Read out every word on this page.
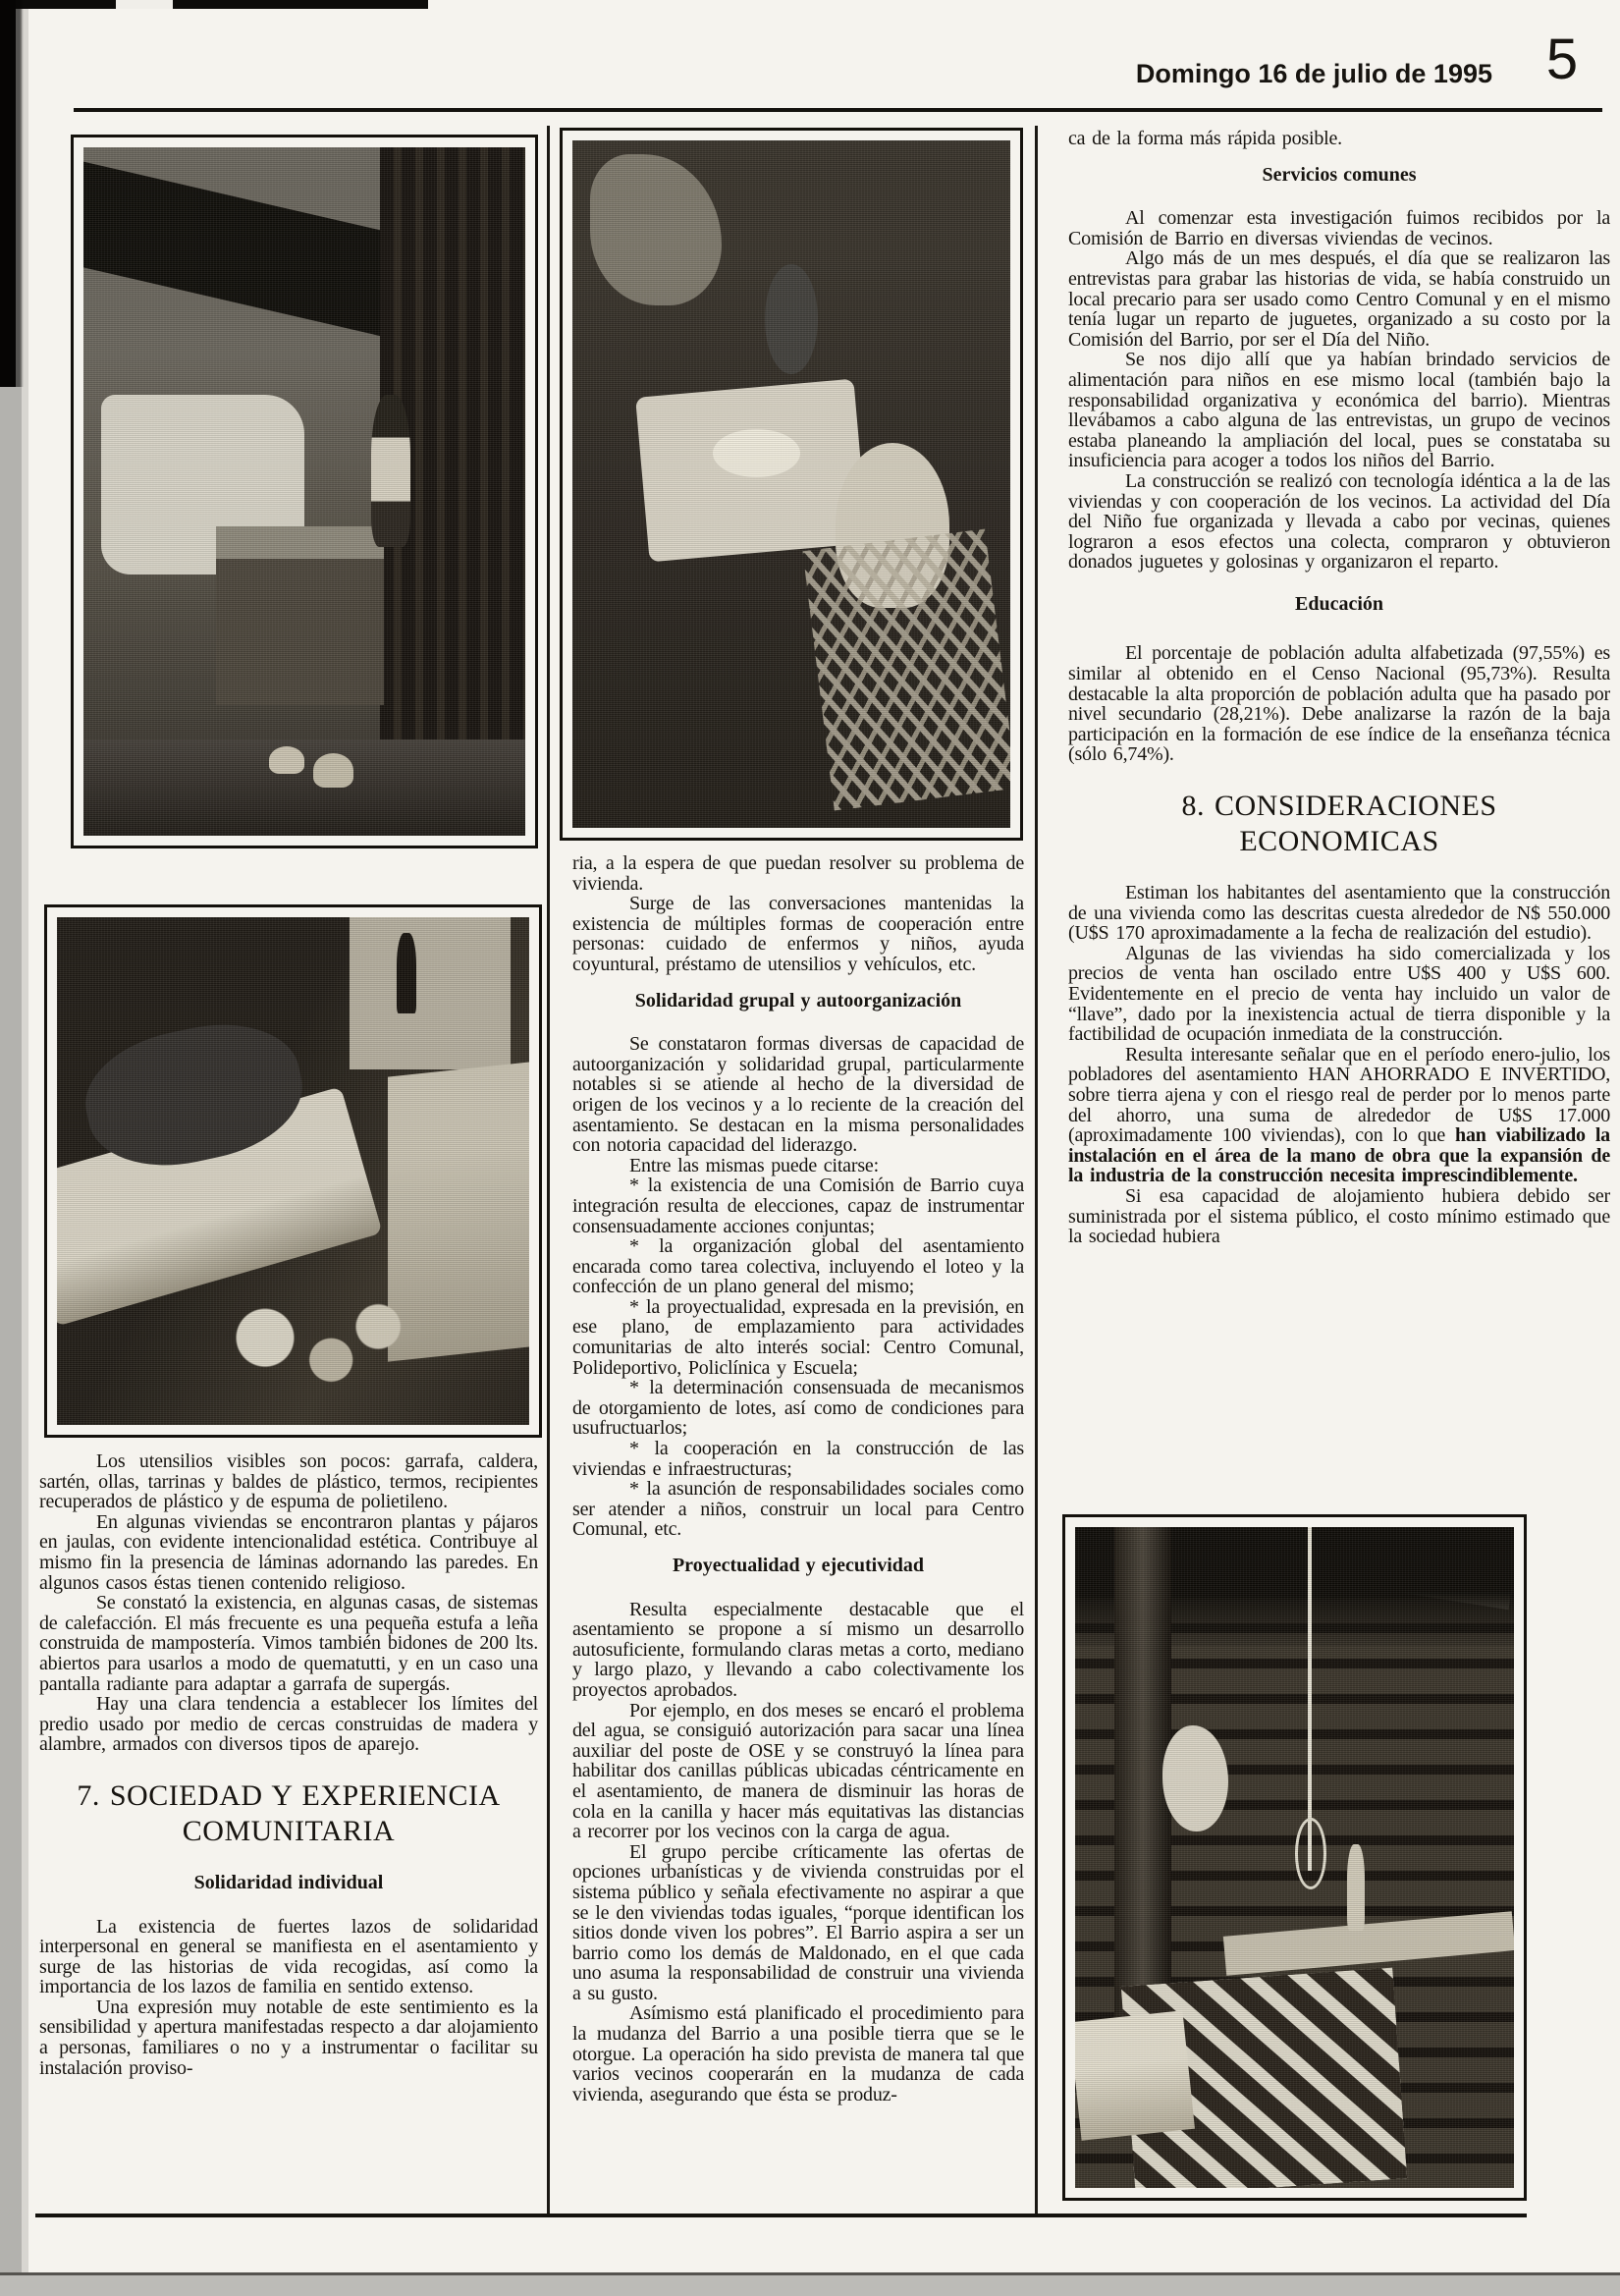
Domingo 16 de julio de 1995 5

Los utensilios visibles son pocos: garrafa, caldera, sartén, ollas, tarrinas y baldes de plástico, termos, recipientes recuperados de plástico y de espuma de polietileno.

En algunas viviendas se encontraron plantas y pájaros en jaulas, con evidente intencionalidad estética. Contribuye al mismo fin la presencia de láminas adornando las paredes. En algunos casos éstas tienen contenido religioso.

Se constató la existencia, en algunas casas, de sistemas de calefacción. El más frecuente es una pequeña estufa a leña construida de mampostería. Vimos también bidones de 200 lts. abiertos para usarlos a modo de quematutti, y en un caso una pantalla radiante para adaptar a garrafa de supergás.

Hay una clara tendencia a establecer los límites del predio usado por medio de cercas construidas de madera y alambre, armados con diversos tipos de aparejo.

7. SOCIEDAD Y EXPERIENCIA
COMUNITARIA
Solidaridad individual

La existencia de fuertes lazos de solidaridad interpersonal en general se manifiesta en el asentamiento y surge de las historias de vida recogidas, así como la importancia de los lazos de familia en sentido extenso.

Una expresión muy notable de este sentimiento es la sensibilidad y apertura manifestadas respecto a dar alojamiento a personas, familiares o no y a instrumentar o facilitar su instalación proviso-

ria, a la espera de que puedan resolver su problema de vivienda.

Surge de las conversaciones mantenidas la existencia de múltiples formas de cooperación entre personas: cuidado de enfermos y niños, ayuda coyuntural, préstamo de utensilios y vehículos, etc.

Solidaridad grupal y autoorganización

Se constataron formas diversas de capacidad de autoorganización y solidaridad grupal, particularmente notables si se atiende al hecho de la diversidad de origen de los vecinos y a lo reciente de la creación del asentamiento. Se destacan en la misma personalidades con notoria capacidad del liderazgo.

Entre las mismas puede citarse:

* la existencia de una Comisión de Barrio cuya integración resulta de elecciones, capaz de instrumentar consensuadamente acciones conjuntas;

* la organización global del asentamiento encarada como tarea colectiva, incluyendo el loteo y la confección de un plano general del mismo;

* la proyectualidad, expresada en la previsión, en ese plano, de emplazamiento para actividades comunitarias de alto interés social: Centro Comunal, Polideportivo, Policlínica y Escuela;

* la determinación consensuada de mecanismos de otorgamiento de lotes, así como de condiciones para usufructuarlos;

* la cooperación en la construcción de las viviendas e infraestructuras;

* la asunción de responsabilidades sociales como ser atender a niños, construir un local para Centro Comunal, etc.

Proyectualidad y ejecutividad

Resulta especialmente destacable que el asentamiento se propone a sí mismo un desarrollo autosuficiente, formulando claras metas a corto, mediano y largo plazo, y llevando a cabo colectivamente los proyectos aprobados.

Por ejemplo, en dos meses se encaró el problema del agua, se consiguió autorización para sacar una línea auxiliar del poste de OSE y se construyó la línea para habilitar dos canillas públicas ubicadas céntricamente en el asentamiento, de manera de disminuir las horas de cola en la canilla y hacer más equitativas las distancias a recorrer por los vecinos con la carga de agua.

El grupo percibe críticamente las ofertas de opciones urbanísticas y de vivienda construidas por el sistema público y señala efectivamente no aspirar a que se le den viviendas todas iguales, “porque identifican los sitios donde viven los pobres”. El Barrio aspira a ser un barrio como los demás de Maldonado, en el que cada uno asuma la responsabilidad de construir una vivienda a su gusto.

Asímismo está planificado el procedimiento para la mudanza del Barrio a una posible tierra que se le otorgue. La operación ha sido prevista de manera tal que varios vecinos cooperarán en la mudanza de cada vivienda, asegurando que ésta se produz-

ca de la forma más rápida posible.

Servicios comunes

Al comenzar esta investigación fuimos recibidos por la Comisión de Barrio en diversas viviendas de vecinos.

Algo más de un mes después, el día que se realizaron las entrevistas para grabar las historias de vida, se había construido un local precario para ser usado como Centro Comunal y en el mismo tenía lugar un reparto de juguetes, organizado a su costo por la Comisión del Barrio, por ser el Día del Niño.

Se nos dijo allí que ya habían brindado servicios de alimentación para niños en ese mismo local (también bajo la responsabilidad organizativa y económica del barrio). Mientras llevábamos a cabo alguna de las entrevistas, un grupo de vecinos estaba planeando la ampliación del local, pues se constataba su insuficiencia para acoger a todos los niños del Barrio.

La construcción se realizó con tecnología idéntica a la de las viviendas y con cooperación de los vecinos. La actividad del Día del Niño fue organizada y llevada a cabo por vecinas, quienes lograron a esos efectos una colecta, compraron y obtuvieron donados juguetes y golosinas y organizaron el reparto.

Educación

El porcentaje de población adulta alfabetizada (97,55%) es similar al obtenido en el Censo Nacional (95,73%). Resulta destacable la alta proporción de población adulta que ha pasado por nivel secundario (28,21%). Debe analizarse la razón de la baja participación en la formación de ese índice de la enseñanza técnica (sólo 6,74%).

8. CONSIDERACIONES
ECONOMICAS

Estiman los habitantes del asentamiento que la construcción de una vivienda como las descritas cuesta alrededor de N$ 550.000 (U$S 170 aproximadamente a la fecha de realización del estudio).

Algunas de las viviendas ha sido comercializada y los precios de venta han oscilado entre U$S 400 y U$S 600. Evidentemente en el precio de venta hay incluido un valor de “llave”, dado por la inexistencia actual de tierra disponible y la factibilidad de ocupación inmediata de la construcción.

Resulta interesante señalar que en el período enero-julio, los pobladores del asentamiento HAN AHORRADO E INVERTIDO, sobre tierra ajena y con el riesgo real de perder por lo menos parte del ahorro, una suma de alrededor de U$S 17.000 (aproximadamente 100 viviendas), con lo que han viabilizado la instalación en el área de la mano de obra que la expansión de la industria de la construcción necesita imprescindiblemente.

Si esa capacidad de alojamiento hubiera debido ser suministrada por el sistema público, el costo mínimo estimado que la sociedad hubiera
